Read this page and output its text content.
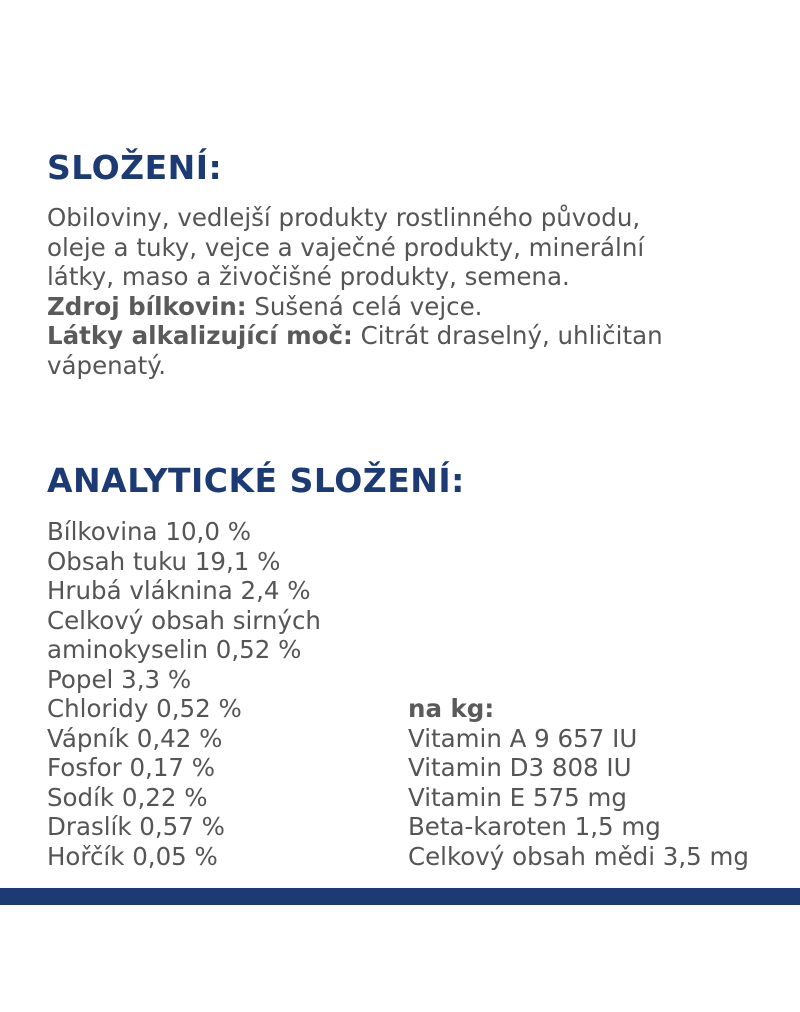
SLOŽENÍ:
Obiloviny, vedlejší produkty rostlinného původu,
oleje a tuky, vejce a vaječné produkty, minerální
látky, maso a živočišné produkty, semena.
Zdroj bílkovin: Sušená celá vejce.
Látky alkalizující moč: Citrát draselný, uhličitan
vápenatý.
ANALYTICKÉ SLOŽENÍ:
Bílkovina 10,0 %
Obsah tuku 19,1 %
Hrubá vláknina 2,4 %
Celkový obsah sirných
aminokyselin 0,52 %
Popel 3,3 %
Chloridy 0,52 %
Vápník 0,42 %
Fosfor 0,17 %
Sodík 0,22 %
Draslík 0,57 %
Hořčík 0,05 %
na kg:
Vitamin A 9 657 IU
Vitamin D3 808 IU
Vitamin E 575 mg
Beta-karoten 1,5 mg
Celkový obsah mědi 3,5 mg
